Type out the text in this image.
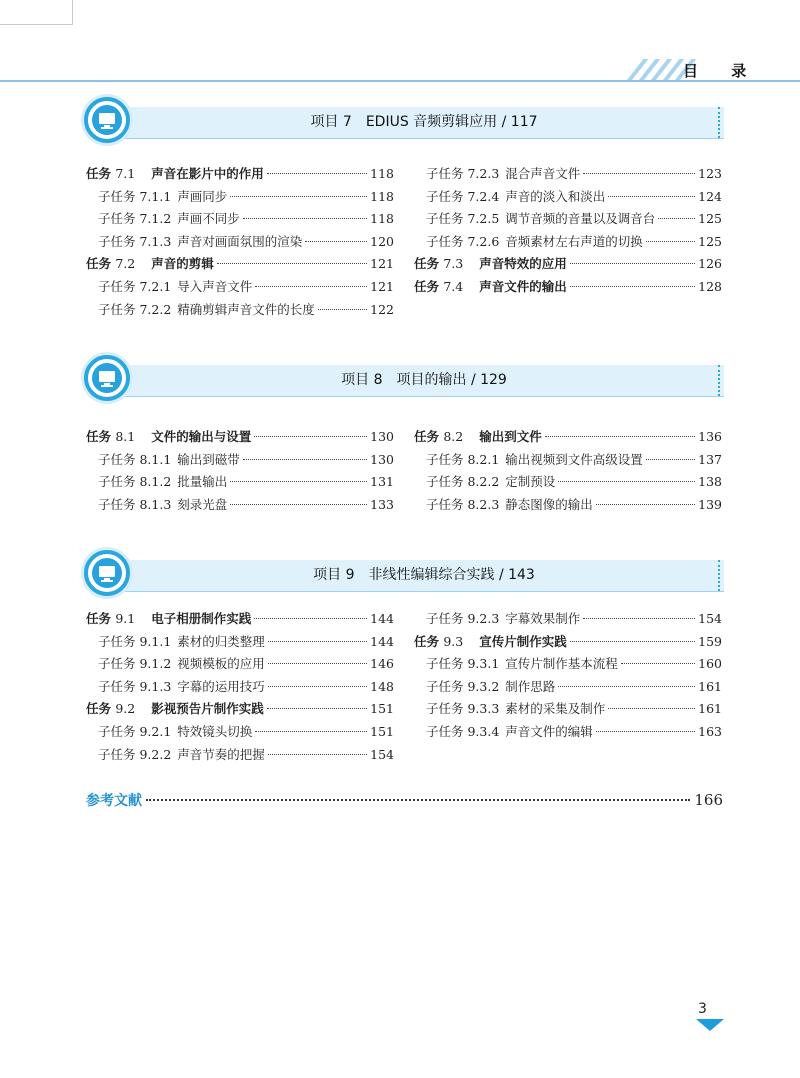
目 录
项目 7　EDIUS 音频剪辑应用 / 117
任务 7.1 声音在影片中的作用	118
子任务 7.1.1 声画同步	118
子任务 7.1.2 声画不同步	118
子任务 7.1.3 声音对画面氛围的渲染	120
任务 7.2 声音的剪辑	121
子任务 7.2.1 导入声音文件	121
子任务 7.2.2 精确剪辑声音文件的长度	122
子任务 7.2.3 混合声音文件	123
子任务 7.2.4 声音的淡入和淡出	124
子任务 7.2.5 调节音频的音量以及调音台	125
子任务 7.2.6 音频素材左右声道的切换	125
任务 7.3 声音特效的应用	126
任务 7.4 声音文件的输出	128
项目 8　项目的输出 / 129
任务 8.1 文件的输出与设置	130
子任务 8.1.1 输出到磁带	130
子任务 8.1.2 批量输出	131
子任务 8.1.3 刻录光盘	133
任务 8.2 输出到文件	136
子任务 8.2.1 输出视频到文件高级设置	137
子任务 8.2.2 定制预设	138
子任务 8.2.3 静态图像的输出	139
项目 9　非线性编辑综合实践 / 143
任务 9.1 电子相册制作实践	144
子任务 9.1.1 素材的归类整理	144
子任务 9.1.2 视频模板的应用	146
子任务 9.1.3 字幕的运用技巧	148
任务 9.2 影视预告片制作实践	151
子任务 9.2.1 特效镜头切换	151
子任务 9.2.2 声音节奏的把握	154
子任务 9.2.3 字幕效果制作	154
任务 9.3 宣传片制作实践	159
子任务 9.3.1 宣传片制作基本流程	160
子任务 9.3.2 制作思路	161
子任务 9.3.3 素材的采集及制作	161
子任务 9.3.4 声音文件的编辑	163
参考文献	166
3
